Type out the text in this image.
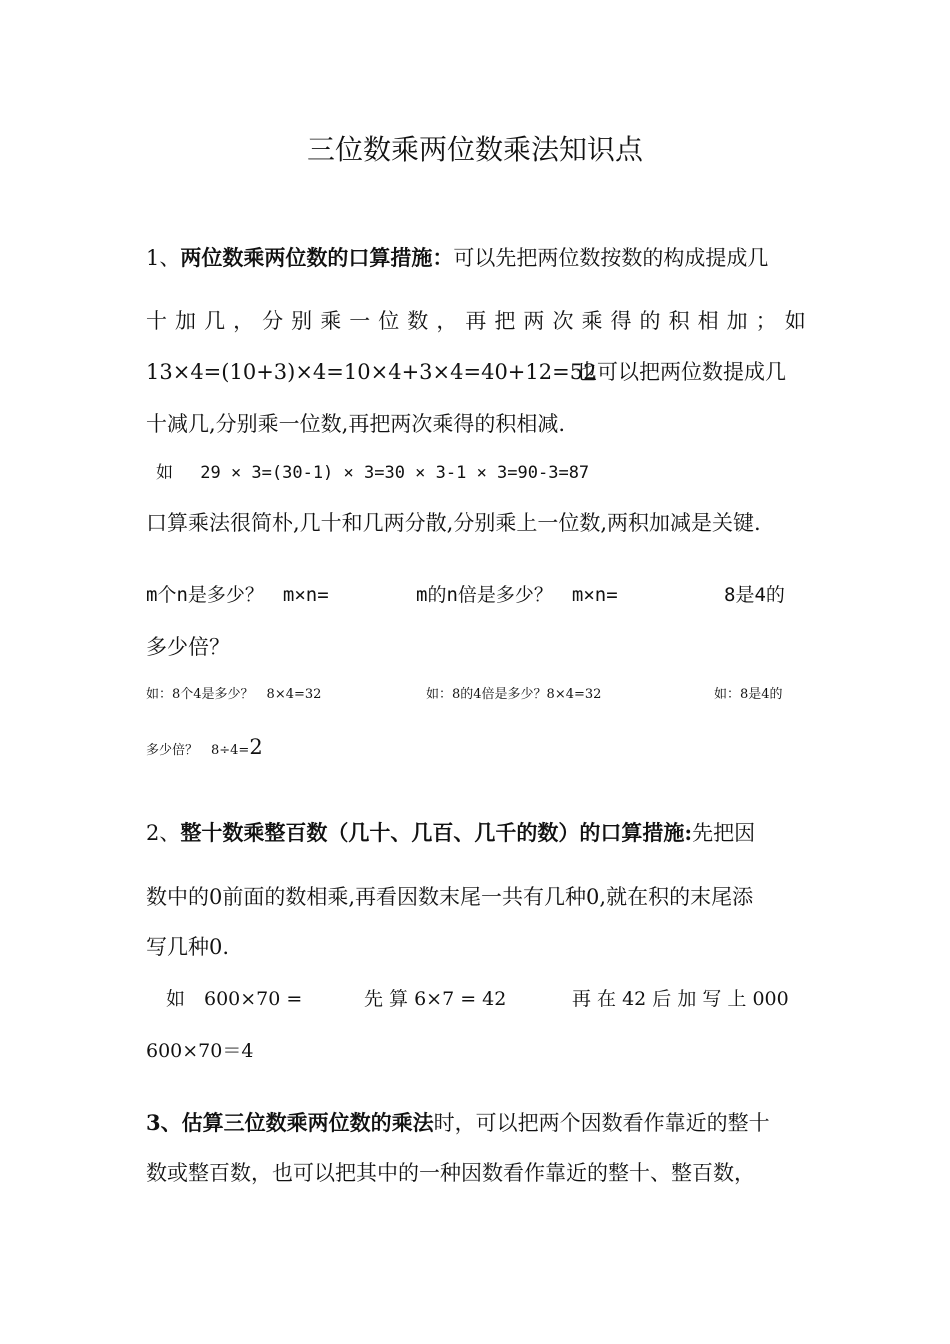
三位数乘两位数乘法知识点
1、两位数乘两位数的口算措施：可以先把两位数按数的构成提成几
十 加 几 ， 分 别 乘 一 位 数 ， 再 把 两 次 乘 得 的 积 相 加 ； 如
13×4=(10+3)×4=10×4+3×4=40+12=52
也可以把两位数提成几
十减几,分别乘一位数,再把两次乘得的积相减.
如　 29 × 3=(30-1) × 3=30 × 3-1 × 3=90-3=87
口算乘法很简朴,几十和几两分散,分别乘上一位数,两积加减是关键.
m个n是多少？　m×n=	m的n倍是多少？　m×n=	8是4的
多少倍？
如：8个4是多少？　8×4=32	如：8的4倍是多少？8×4=32	如：8是4的
多少倍？　8÷4=2
2、整十数乘整百数（几十、几百、几千的数）的口算措施:先把因
数中的0前面的数相乘,再看因数末尾一共有几种0,就在积的末尾添
写几种0.
如　600×70 =	先 算 6×7 = 42	再 在 42 后 加 写 上 000
600×70＝4
3、估算三位数乘两位数的乘法时，可以把两个因数看作靠近的整十
数或整百数，也可以把其中的一种因数看作靠近的整十、整百数，
